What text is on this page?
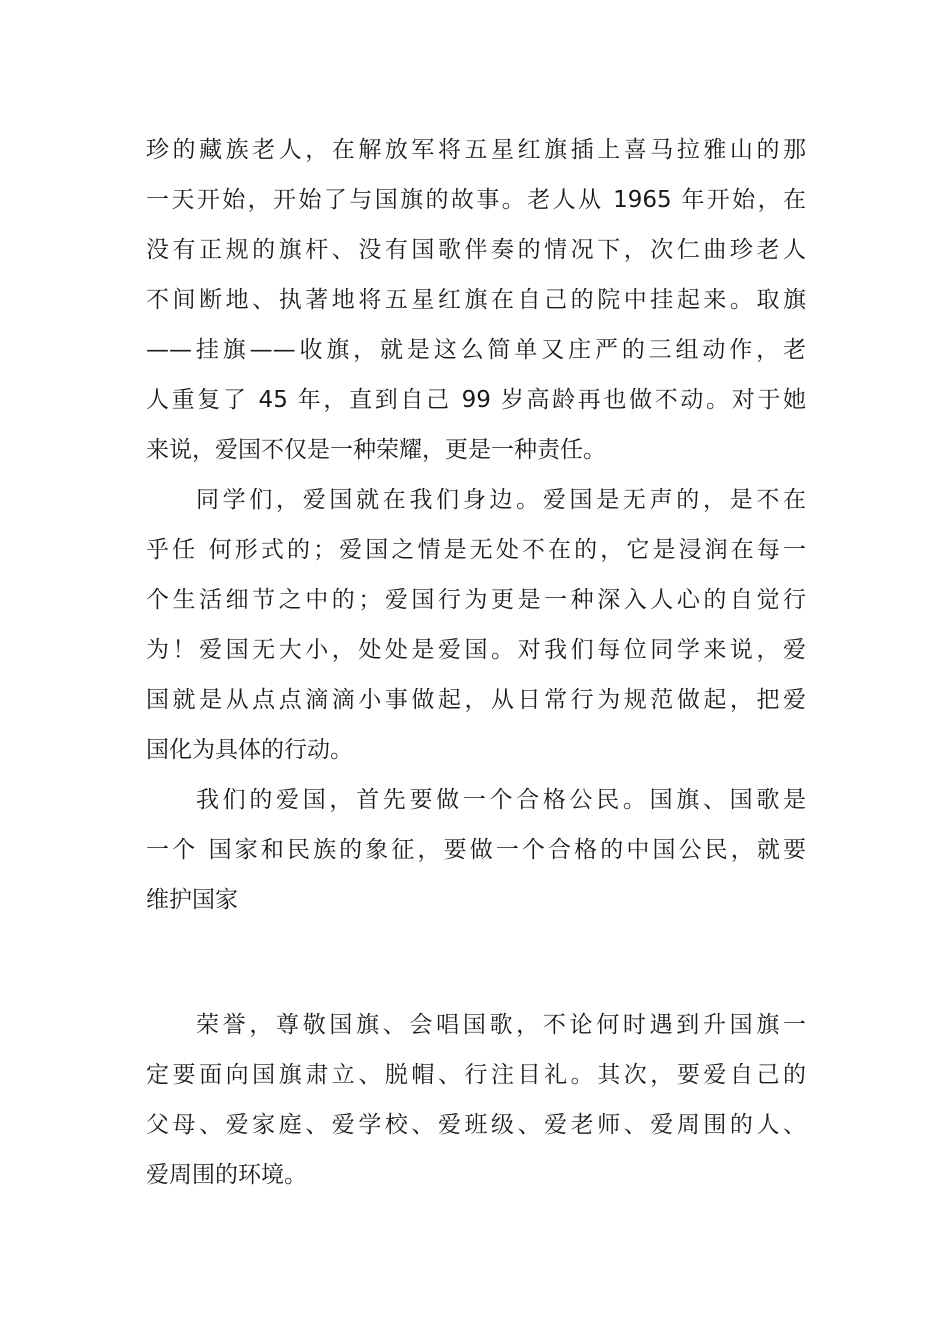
珍的藏族老人，在解放军将五星红旗插上喜马拉雅山的那
一天开始，开始了与国旗的故事。老人从 1965 年开始，在
没有正规的旗杆、没有国歌伴奏的情况下，次仁曲珍老人
不间断地、执著地将五星红旗在自己的院中挂起来。取旗
——挂旗——收旗，就是这么简单又庄严的三组动作，老
人重复了 45 年，直到自己 99 岁高龄再也做不动。对于她
来说，爱国不仅是一种荣耀，更是一种责任。
同学们，爱国就在我们身边。爱国是无声的，是不在
乎任 何形式的；爱国之情是无处不在的，它是浸润在每一
个生活细节之中的；爱国行为更是一种深入人心的自觉行
为！爱国无大小，处处是爱国。对我们每位同学来说，爱
国就是从点点滴滴小事做起，从日常行为规范做起，把爱
国化为具体的行动。
我们的爱国，首先要做一个合格公民。国旗、国歌是
一个 国家和民族的象征，要做一个合格的中国公民，就要
维护国家
荣誉，尊敬国旗、会唱国歌，不论何时遇到升国旗一
定要面向国旗肃立、脱帽、行注目礼。其次，要爱自己的
父母、爱家庭、爱学校、爱班级、爱老师、爱周围的人、
爱周围的环境。
